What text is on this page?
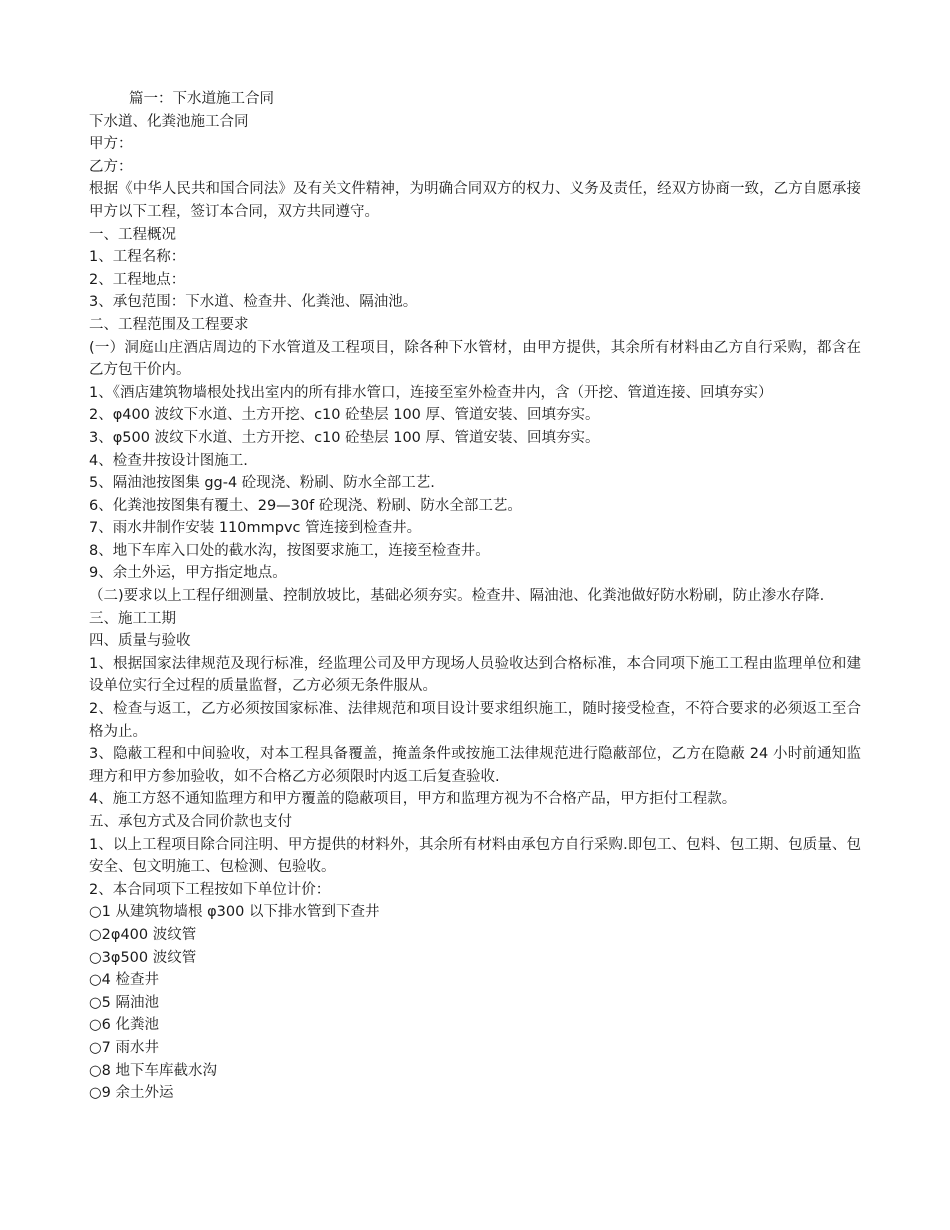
篇一：下水道施工合同
下水道、化粪池施工合同
甲方：
乙方：
根据《中华人民共和国合同法》及有关文件精神，为明确合同双方的权力、义务及责任，经双方协商一致，乙方自愿承接甲方以下工程，签订本合同，双方共同遵守。
一、工程概况
1、工程名称：
2、工程地点：
3、承包范围：下水道、检查井、化粪池、隔油池。
二、工程范围及工程要求
(一）洞庭山庄酒店周边的下水管道及工程项目，除各种下水管材，由甲方提供，其余所有材料由乙方自行采购，都含在乙方包干价内。
1、《酒店建筑物墙根处找出室内的所有排水管口，连接至室外检查井内，含（开挖、管道连接、回填夯实）
2、φ400 波纹下水道、土方开挖、c10 砼垫层 100 厚、管道安装、回填夯实。
3、φ500 波纹下水道、土方开挖、c10 砼垫层 100 厚、管道安装、回填夯实。
4、检查井按设计图施工.
5、隔油池按图集 gg-4 砼现浇、粉刷、防水全部工艺.
6、化粪池按图集有覆土、29—30f 砼现浇、粉刷、防水全部工艺。
7、雨水井制作安装 110mmpvc 管连接到检查井。
8、地下车库入口处的截水沟，按图要求施工，连接至检查井。
9、余土外运，甲方指定地点。
（二)要求以上工程仔细测量、控制放坡比，基础必须夯实。检查井、隔油池、化粪池做好防水粉刷，防止渗水存降.
三、施工工期
四、质量与验收
1、根据国家法律规范及现行标准，经监理公司及甲方现场人员验收达到合格标准，本合同项下施工工程由监理单位和建设单位实行全过程的质量监督，乙方必须无条件服从。
2、检查与返工，乙方必须按国家标准、法律规范和项目设计要求组织施工，随时接受检查，不符合要求的必须返工至合格为止。
3、隐蔽工程和中间验收，对本工程具备覆盖，掩盖条件或按施工法律规范进行隐蔽部位，乙方在隐蔽 24 小时前通知监理方和甲方参加验收，如不合格乙方必须限时内返工后复查验收.
4、施工方怒不通知监理方和甲方覆盖的隐蔽项目，甲方和监理方视为不合格产品，甲方拒付工程款。
五、承包方式及合同价款也支付
1、以上工程项目除合同注明、甲方提供的材料外，其余所有材料由承包方自行采购.即包工、包料、包工期、包质量、包安全、包文明施工、包检测、包验收。
2、本合同项下工程按如下单位计价：
○1 从建筑物墙根 φ300 以下排水管到下查井
○2φ400 波纹管
○3φ500 波纹管
○4 检查井
○5 隔油池
○6 化粪池
○7 雨水井
○8 地下车库截水沟
○9 余土外运
